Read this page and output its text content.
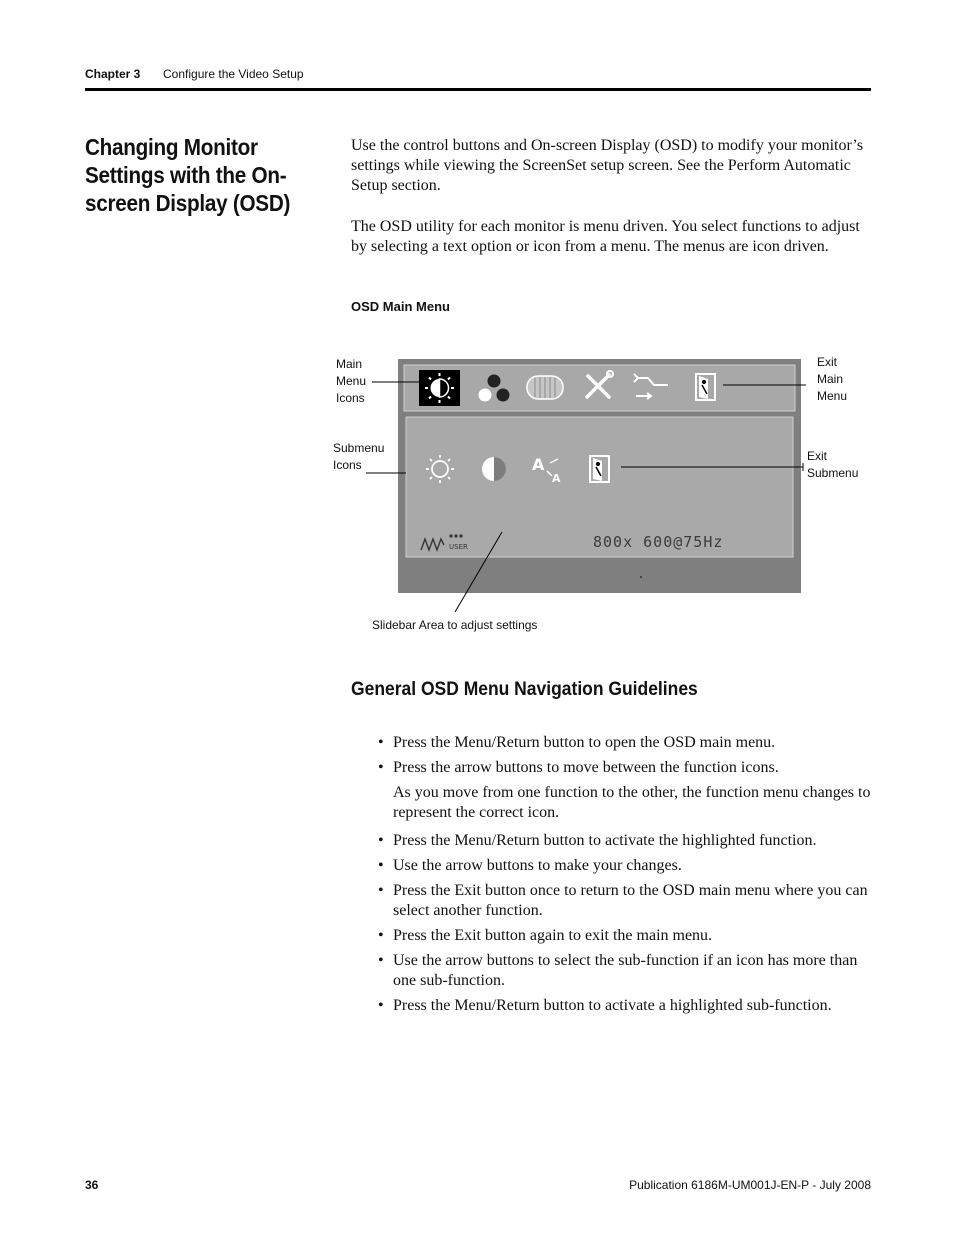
Chapter 3 Configure the Video Setup
Changing Monitor Settings with the On-screen Display (OSD)
Use the control buttons and On-screen Display (OSD) to modify your monitor’s settings while viewing the ScreenSet setup screen. See the Perform Automatic Setup section.
The OSD utility for each monitor is menu driven. You select functions to adjust by selecting a text option or icon from a menu. The menus are icon driven.
OSD Main Menu
Main
Menu
Icons
Submenu
Icons
Exit
Main
Menu
Exit
Submenu
Slidebar Area to adjust settings
A
A
USER	800x 600@75Hz
General OSD Menu Navigation Guidelines
• Press the Menu/Return button to open the OSD main menu.
• Press the arrow buttons to move between the function icons.
As you move from one function to the other, the function menu changes to represent the correct icon.
• Press the Menu/Return button to activate the highlighted function.
• Use the arrow buttons to make your changes.
• Press the Exit button once to return to the OSD main menu where you can select another function.
• Press the Exit button again to exit the main menu.
• Use the arrow buttons to select the sub-function if an icon has more than one sub-function.
• Press the Menu/Return button to activate a highlighted sub-function.
36	Publication 6186M-UM001J-EN-P - July 2008
